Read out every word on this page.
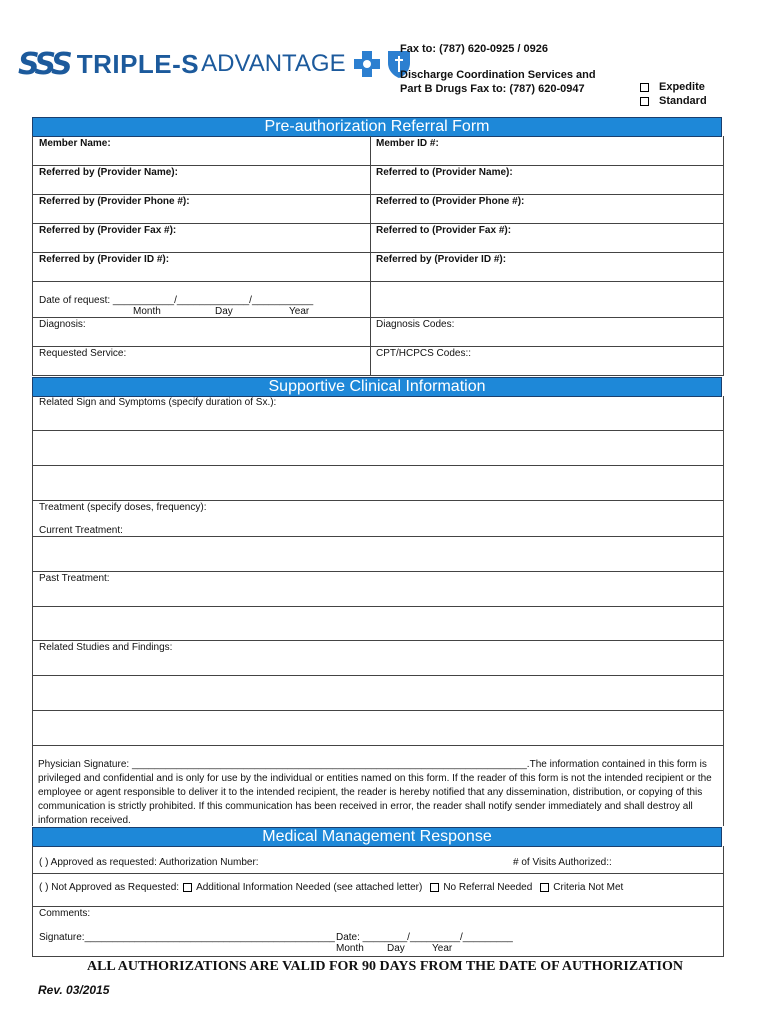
SSS TRIPLE-S ADVANTAGE
Fax to: (787) 620-0925 / 0926
Discharge Coordination Services and
Part B Drugs Fax to: (787) 620-0947	Expedite
Standard
Pre-authorization Referral Form
Member Name:	Member ID #:
Referred by (Provider Name):	Referred to (Provider Name):
Referred by (Provider Phone #):	Referred to (Provider Phone #):
Referred by (Provider Fax #):	Referred to (Provider Fax #):
Referred by (Provider ID #):	Referred by (Provider ID #):
Date of request: ___________/_____________/___________
Month	Day	Year
Diagnosis:	Diagnosis Codes:
Requested Service:	CPT/HCPCS Codes::
Supportive Clinical Information
Related Sign and Symptoms (specify duration of Sx.):
Treatment (specify doses, frequency):
Current Treatment:
Past Treatment:
Related Studies and Findings:
Physician Signature: _______________________________________________________________________.The information contained in this form is privileged and confidential and is only for use by the individual or entities named on this form. If the reader of this form is not the intended recipient or the employee or agent responsible to deliver it to the intended recipient, the reader is hereby notified that any dissemination, distribution, or copying of this communication is strictly prohibited. If this communication has been received in error, the reader shall notify sender immediately and shall destroy all information received.
Medical Management Response
( ) Approved as requested: Authorization Number:	# of Visits Authorized::
( ) Not Approved as Requested: Additional Information Needed (see attached letter) No Referral Needed Criteria Not Met
Comments:
Signature:_____________________________________________ Date: ________/_________/_________
Month Day	Year
ALL AUTHORIZATIONS ARE VALID FOR 90 DAYS FROM THE DATE OF AUTHORIZATION
Rev. 03/2015
